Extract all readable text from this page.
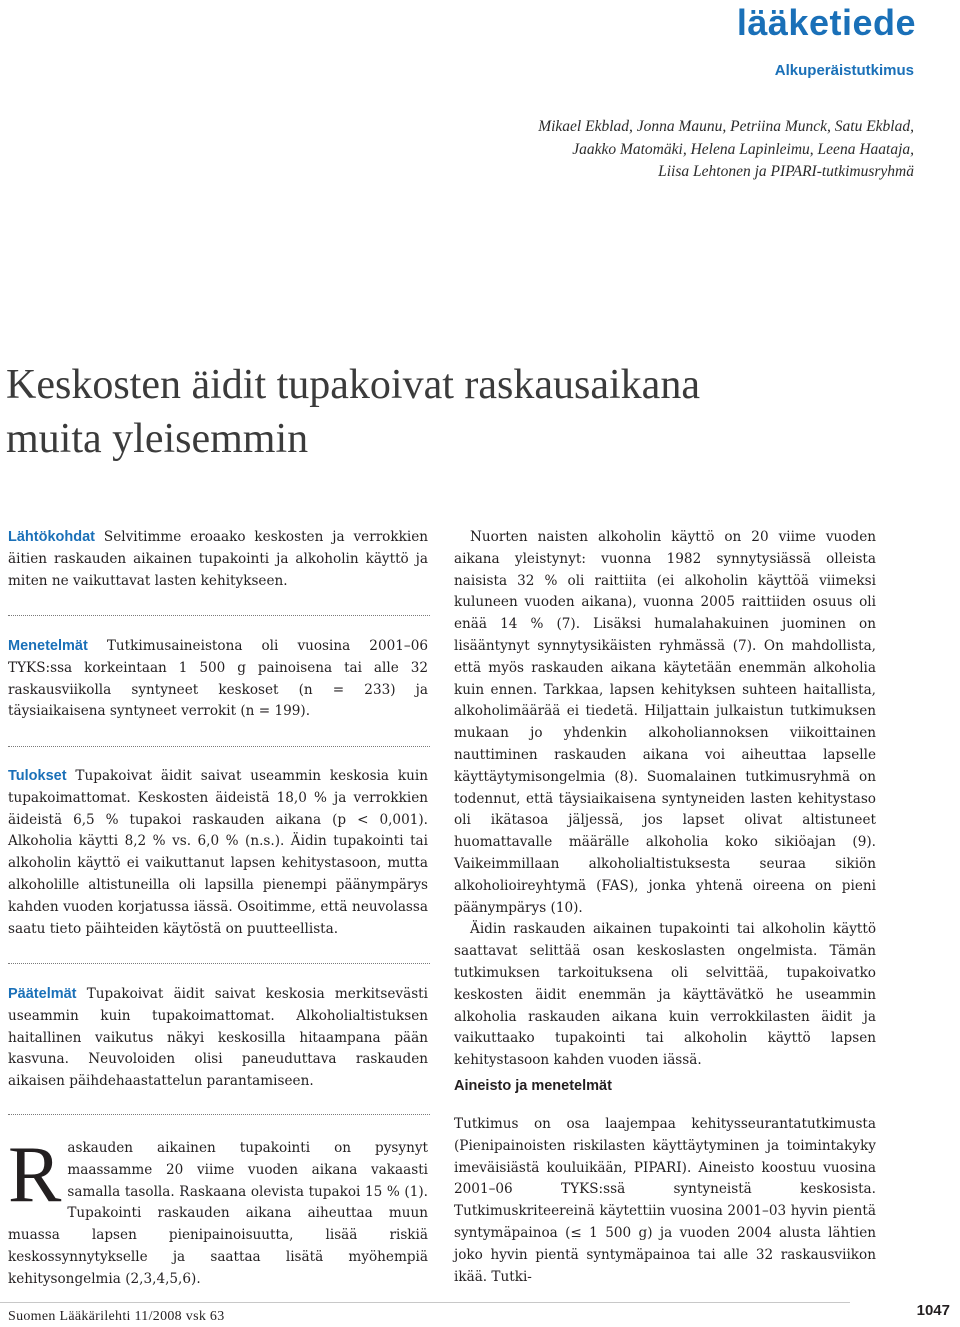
lääketiede
Alkuperäistutkimus
Mikael Ekblad, Jonna Maunu, Petriina Munck, Satu Ekblad,
Jaakko Matomäki, Helena Lapinleimu, Leena Haataja,
Liisa Lehtonen ja PIPARI-tutkimusryhmä
Keskosten äidit tupakoivat raskausaikana
muita yleisemmin
Lähtökohdat Selvitimme eroaako keskosten ja verrokkien äitien raskauden aikainen tupakointi ja alkoholin käyttö ja miten ne vaikuttavat lasten kehitykseen.
Menetelmät Tutkimusaineistona oli vuosina 2001–06 TYKS:ssa korkeintaan 1 500 g painoisena tai alle 32 raskausviikolla syntyneet keskoset (n = 233) ja täysiaikaisena syntyneet verrokit (n = 199).
Tulokset Tupakoivat äidit saivat useammin keskosia kuin tupakoimattomat. Keskosten äideistä 18,0 % ja verrokkien äideistä 6,5 % tupakoi raskauden aikana (p < 0,001). Alkoholia käytti 8,2 % vs. 6,0 % (n.s.). Äidin tupakointi tai alkoholin käyttö ei vaikuttanut lapsen kehitystasoon, mutta alkoholille altistuneilla oli lapsilla pienempi päänympärys kahden vuoden korjatussa iässä. Osoitimme, että neuvolassa saatu tieto päihteiden käytöstä on puutteellista.
Päätelmät Tupakoivat äidit saivat keskosia merkitsevästi useammin kuin tupakoimattomat. Alkoholialtistuksen haitallinen vaikutus näkyi keskosilla hitaampana pään kasvuna. Neuvoloiden olisi paneuduttava raskauden aikaisen päihdehaastattelun parantamiseen.
R askauden aikainen tupakointi on pysynyt maassamme 20 viime vuoden aikana vakaasti samalla tasolla. Raskaana olevista tupakoi 15 % (1). Tupakointi raskauden aikana aiheuttaa muun muassa lapsen pienipainoisuutta, lisää riskiä keskossynnytykselle ja saattaa lisätä myöhempiä kehitysongelmia (2,3,4,5,6).

Nuorten naisten alkoholin käyttö on 20 viime vuoden aikana yleistynyt: vuonna 1982 synnytysiässä olleista naisista 32 % oli raittiita (ei alkoholin käyttöä viimeksi kuluneen vuoden aikana), vuonna 2005 raittiiden osuus oli enää 14 % (7). Lisäksi humalahakuinen juominen on lisääntynyt synnytysikäisten ryhmässä (7). On mahdollista, että myös raskauden aikana käytetään enemmän alkoholia kuin ennen. Tarkkaa, lapsen kehityksen suhteen haitallista, alkoholimäärää ei tiedetä. Hiljattain julkaistun tutkimuksen mukaan jo yhdenkin alkoholiannoksen viikoittainen nauttiminen raskauden aikana voi aiheuttaa lapselle käyttäytymisongelmia (8). Suomalainen tutkimusryhmä on todennut, että täysiaikaisena syntyneiden lasten kehitystaso oli ikätasoa jäljessä, jos lapset olivat altistuneet huomattavalle määrälle alkoholia koko sikiöajan (9). Vaikeimmillaan alkoholialtistuksesta seuraa sikiön alkoholioireyhtymä (FAS), jonka yhtenä oireena on pieni päänympärys (10).

Äidin raskauden aikainen tupakointi tai alkoholin käyttö saattavat selittää osan keskoslasten ongelmista. Tämän tutkimuksen tarkoituksena oli selvittää, tupakoivatko keskosten äidit enemmän ja käyttävätkö he useammin alkoholia raskauden aikana kuin verrokkilasten äidit ja vaikuttaako tupakointi tai alkoholin käyttö lapsen kehitystasoon kahden vuoden iässä.

Aineisto ja menetelmät

Tutkimus on osa laajempaa kehitysseurantatutkimusta (Pienipainoisten riskilasten käyttäytyminen ja toimintakyky imeväisiästä kouluikään, PIPARI). Aineisto koostuu vuosina 2001–06 TYKS:ssä syntyneistä keskosista. Tutkimuskriteereinä käytettiin vuosina 2001–03 hyvin pientä syntymäpainoa (≤ 1 500 g) ja vuoden 2004 alusta lähtien joko hyvin pientä syntymäpainoa tai alle 32 raskausviikon ikää. Tutki-

Suomen Lääkärilehti 11/2008 vsk 63	1047
